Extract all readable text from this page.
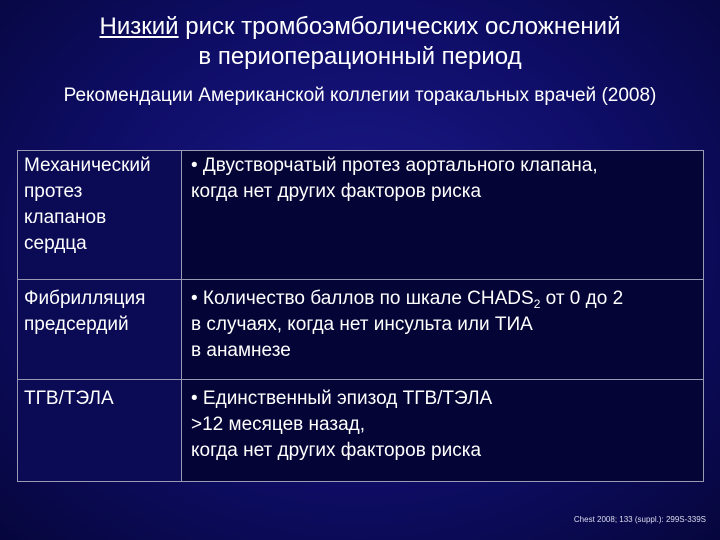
Низкий риск тромбоэмболических осложнений
в периоперационный период
Рекомендации Американской коллегии торакальных врачей (2008)
Механический
протез
клапанов
сердца
• Двустворчатый протез аортального клапана,
когда нет других факторов риска
Фибрилляция
предсердий
• Количество баллов по шкале $CHADS_2$ от 0 до 2
в случаях, когда нет инсульта или ТИА
в анамнезе
ТГВ/ТЭЛА	• Единственный эпизод ТГВ/ТЭЛА
>12 месяцев назад,
когда нет других факторов риска
Chest 2008; 133 (suppl.): 299S-339S
